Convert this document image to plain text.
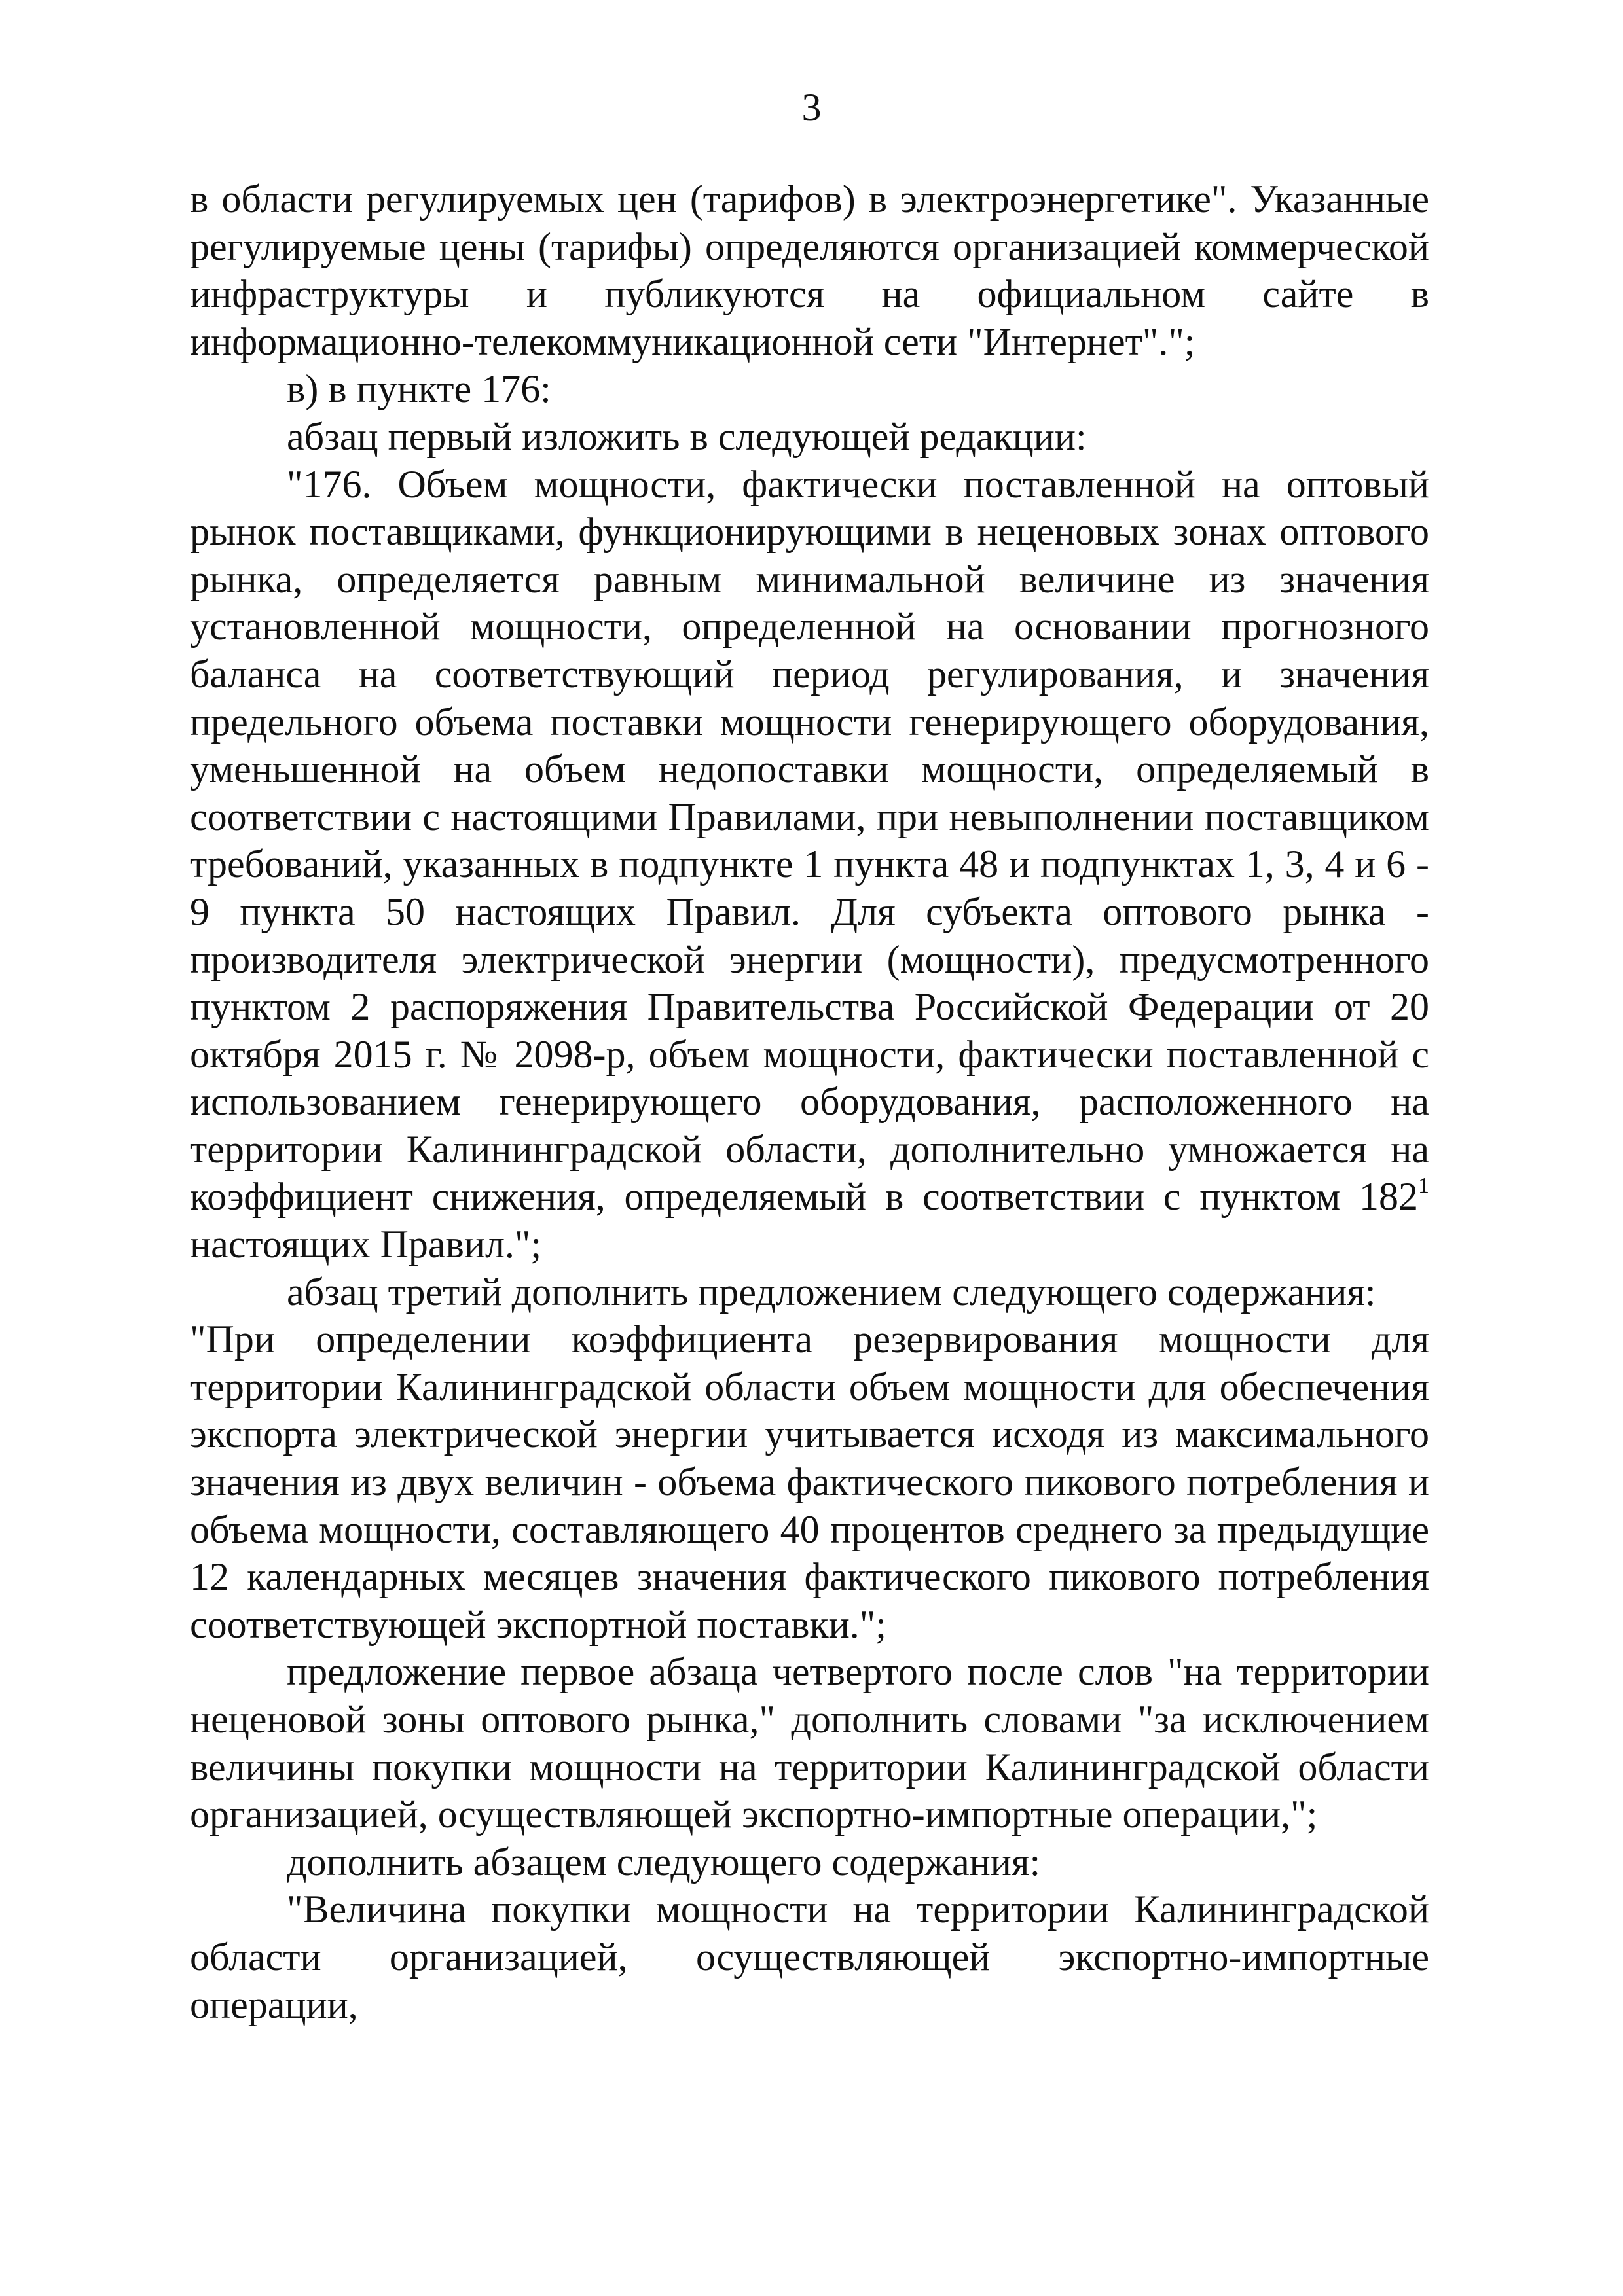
3

в области регулируемых цен (тарифов) в электроэнергетике". Указанные регулируемые цены (тарифы) определяются организацией коммерческой инфраструктуры и публикуются на официальном сайте в информационно-телекоммуникационной сети "Интернет".";

в) в пункте 176:

абзац первый изложить в следующей редакции:

"176. Объем мощности, фактически поставленной на оптовый рынок поставщиками, функционирующими в неценовых зонах оптового рынка, определяется равным минимальной величине из значения установленной мощности, определенной на основании прогнозного баланса на соответствующий период регулирования, и значения предельного объема поставки мощности генерирующего оборудования, уменьшенной на объем недопоставки мощности, определяемый в соответствии с настоящими Правилами, при невыполнении поставщиком требований, указанных в подпункте 1 пункта 48 и подпунктах 1, 3, 4 и 6 - 9 пункта 50 настоящих Правил. Для субъекта оптового рынка - производителя электрической энергии (мощности), предусмотренного пунктом 2 распоряжения Правительства Российской Федерации от 20 октября 2015 г. № 2098-р, объем мощности, фактически поставленной с использованием генерирующего оборудования, расположенного на территории Калининградской области, дополнительно умножается на коэффициент снижения, определяемый в соответствии с пунктом $182^1$ настоящих Правил.";

абзац третий дополнить предложением следующего содержания:

"При определении коэффициента резервирования мощности для территории Калининградской области объем мощности для обеспечения экспорта электрической энергии учитывается исходя из максимального значения из двух величин - объема фактического пикового потребления и объема мощности, составляющего 40 процентов среднего за предыдущие 12 календарных месяцев значения фактического пикового потребления соответствующей экспортной поставки.";

предложение первое абзаца четвертого после слов "на территории неценовой зоны оптового рынка," дополнить словами "за исключением величины покупки мощности на территории Калининградской области организацией, осуществляющей экспортно-импортные операции,";

дополнить абзацем следующего содержания:

"Величина покупки мощности на территории Калининградской области организацией, осуществляющей экспортно-импортные операции,
